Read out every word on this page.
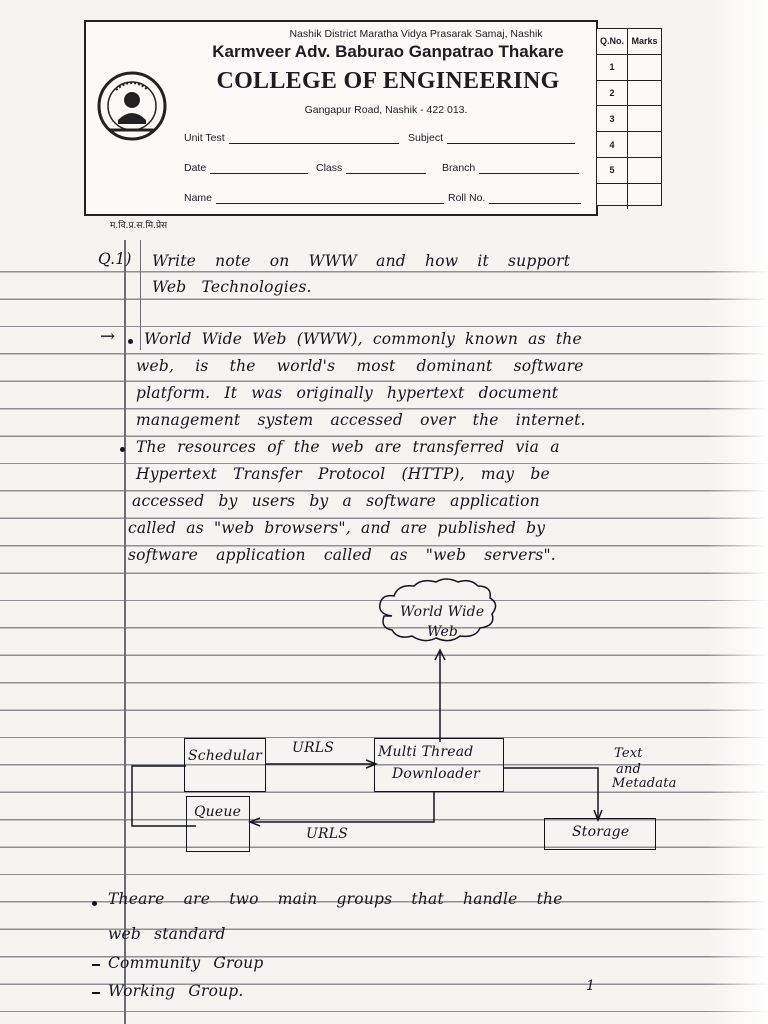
Nashik District Maratha Vidya Prasarak Samaj, Nashik
Karmveer Adv. Baburao Ganpatrao Thakare
COLLEGE OF ENGINEERING
Gangapur Road, Nashik - 422 013.
Unit Test	Subject
Date	Class	Branch
Name	Roll No.
Q.No. Marks
1
2
3
4
5
म.वि.प्र.स.मि.प्रेस
Q.1) Write note on WWW and how it support
Web Technologies.
→ World Wide Web (WWW), commonly known as the
web, is the world's most dominant software
platform. It was originally hypertext document
management system accessed over the internet.
The resources of the web are transferred via a
Hypertext Transfer Protocol (HTTP), may be
accessed by users by a software application
called as "web browsers", and are published by
software application called as "web servers".
World Wide
Web
Schedular URLS	Multi Thread
Downloader
Text
and
Metadata
Queue
URLS	Storage
Theare are two main groups that handle the
web standard
Community Group
Working Group.	1
